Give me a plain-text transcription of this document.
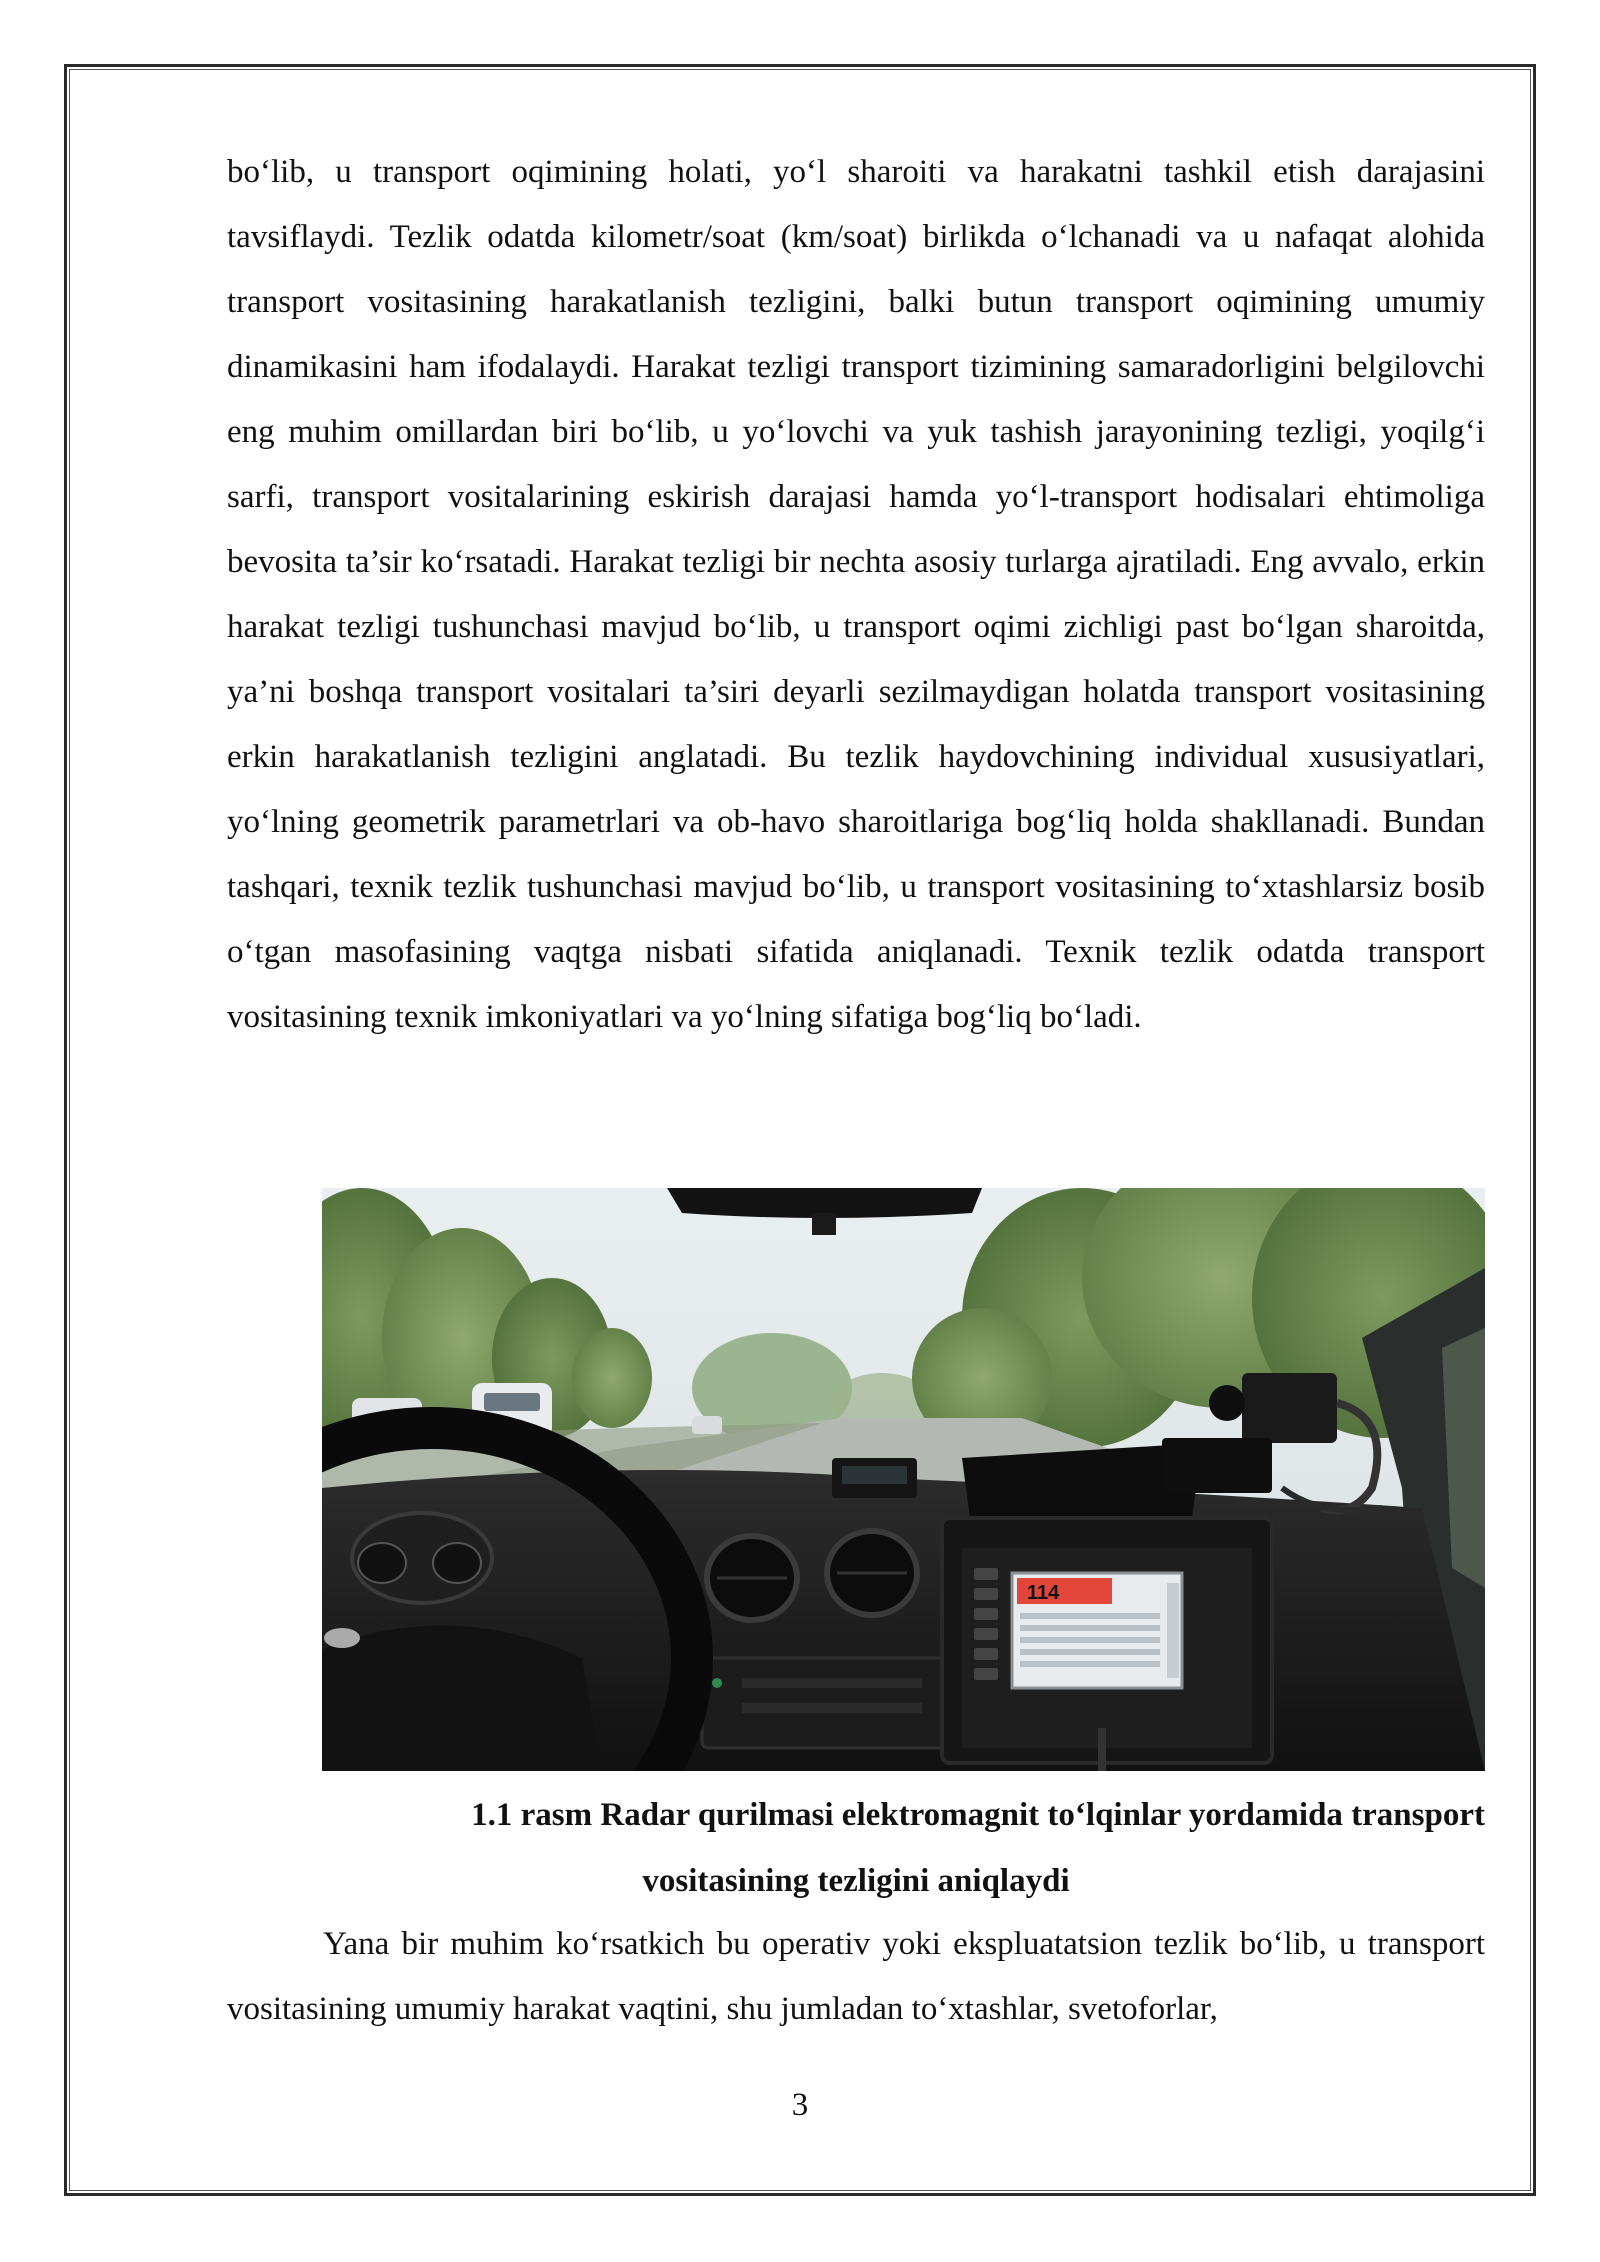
bo‘lib, u transport oqimining holati, yo‘l sharoiti va harakatni tashkil etish darajasini tavsiflaydi. Tezlik odatda kilometr/soat (km/soat) birlikda o‘lchanadi va u nafaqat alohida transport vositasining harakatlanish tezligini, balki butun transport oqimining umumiy dinamikasini ham ifodalaydi. Harakat tezligi transport tizimining samaradorligini belgilovchi eng muhim omillardan biri bo‘lib, u yo‘lovchi va yuk tashish jarayonining tezligi, yoqilg‘i sarfi, transport vositalarining eskirish darajasi hamda yo‘l-transport hodisalari ehtimoliga bevosita ta’sir ko‘rsatadi. Harakat tezligi bir nechta asosiy turlarga ajratiladi. Eng avvalo, erkin harakat tezligi tushunchasi mavjud bo‘lib, u transport oqimi zichligi past bo‘lgan sharoitda, ya’ni boshqa transport vositalari ta’siri deyarli sezilmaydigan holatda transport vositasining erkin harakatlanish tezligini anglatadi. Bu tezlik haydovchining individual xususiyatlari, yo‘lning geometrik parametrlari va ob-havo sharoitlariga bog‘liq holda shakllanadi. Bundan tashqari, texnik tezlik tushunchasi mavjud bo‘lib, u transport vositasining to‘xtashlarsiz bosib o‘tgan masofasining vaqtga nisbati sifatida aniqlanadi. Texnik tezlik odatda transport vositasining texnik imkoniyatlari va yo‘lning sifatiga bog‘liq bo‘ladi.

114
1.1 rasm Radar qurilmasi elektromagnit to‘lqinlar yordamida transport
vositasining tezligini aniqlaydi

Yana bir muhim ko‘rsatkich bu operativ yoki ekspluatatsion tezlik bo‘lib, u transport vositasining umumiy harakat vaqtini, shu jumladan to‘xtashlar, svetoforlar,

3
